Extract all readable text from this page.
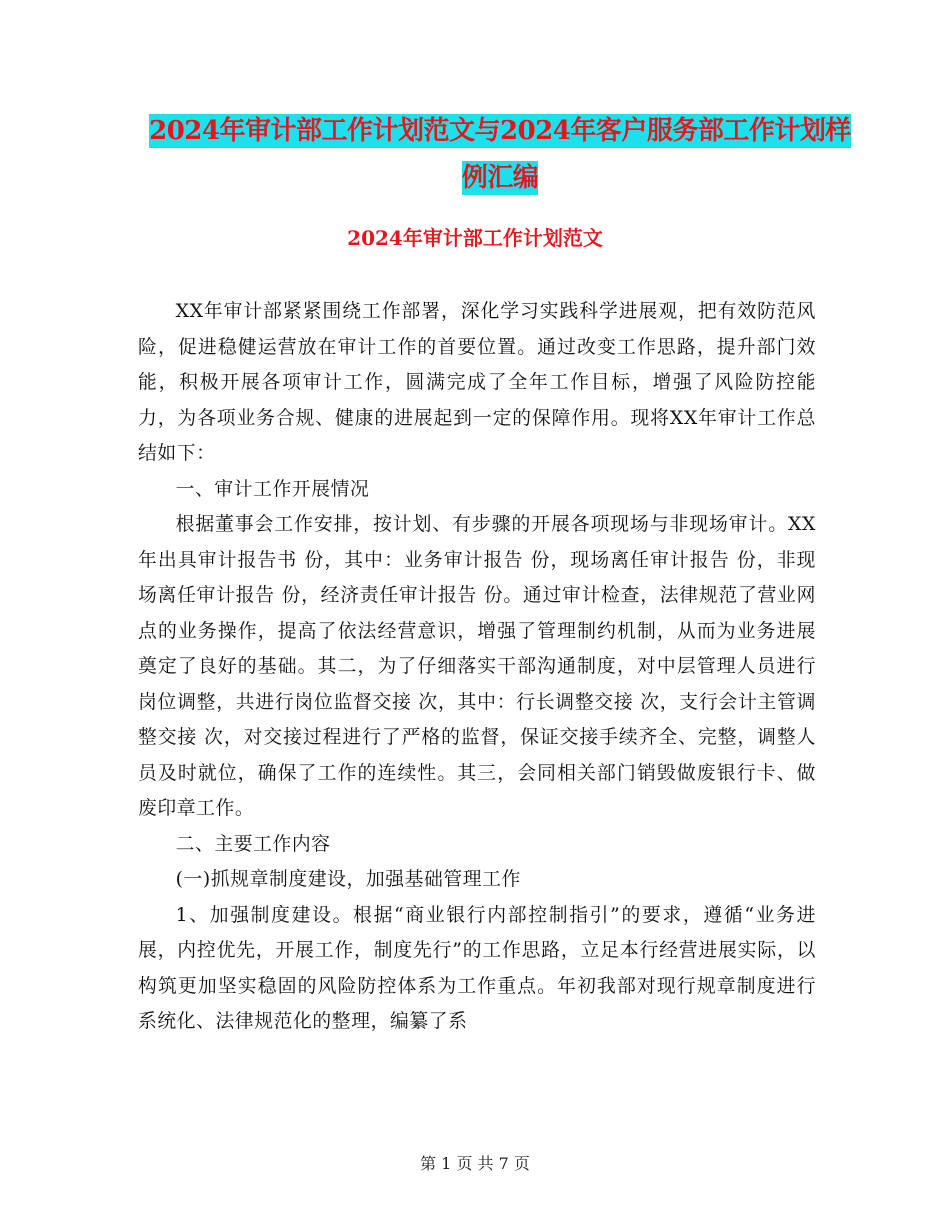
2024年审计部工作计划范文与2024年客户服务部工作计划样例汇编
2024年审计部工作计划范文

XX年审计部紧紧围绕工作部署，深化学习实践科学进展观，把有效防范风险，促进稳健运营放在审计工作的首要位置。通过改变工作思路，提升部门效能，积极开展各项审计工作，圆满完成了全年工作目标，增强了风险防控能力，为各项业务合规、健康的进展起到一定的保障作用。现将XX年审计工作总结如下：

一、审计工作开展情况

根据董事会工作安排，按计划、有步骤的开展各项现场与非现场审计。XX年出具审计报告书 份，其中：业务审计报告 份，现场离任审计报告 份，非现场离任审计报告 份，经济责任审计报告 份。通过审计检查，法律规范了营业网点的业务操作，提高了依法经营意识，增强了管理制约机制，从而为业务进展奠定了良好的基础。其二，为了仔细落实干部沟通制度，对中层管理人员进行岗位调整，共进行岗位监督交接 次，其中：行长调整交接 次，支行会计主管调整交接 次，对交接过程进行了严格的监督，保证交接手续齐全、完整，调整人员及时就位，确保了工作的连续性。其三，会同相关部门销毁做废银行卡、做废印章工作。

二、主要工作内容

(一)抓规章制度建设，加强基础管理工作

1、加强制度建设。根据“商业银行内部控制指引”的要求，遵循“业务进展，内控优先，开展工作，制度先行”的工作思路，立足本行经营进展实际，以构筑更加坚实稳固的风险防控体系为工作重点。年初我部对现行规章制度进行系统化、法律规范化的整理，编纂了系

第 1 页 共 7 页
